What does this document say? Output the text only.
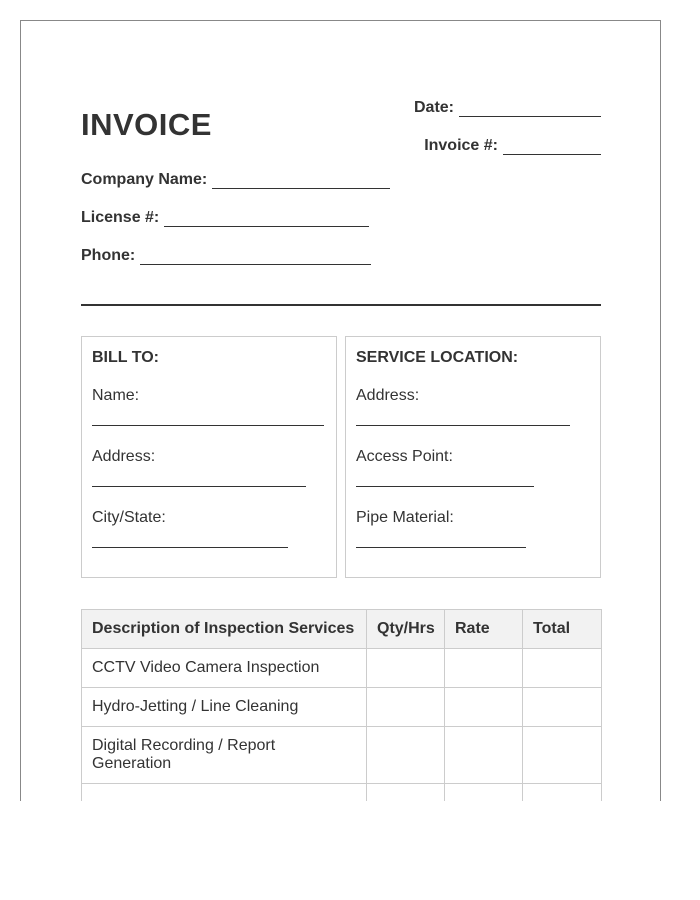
INVOICE	Date:
Invoice #:
Company Name:
License #:
Phone:
BILL TO:
Name:
Address:
City/State:
SERVICE LOCATION:
Address:
Access Point:
Pipe Material:
Description of Inspection Services	Qty/Hrs	Rate	Total
CCTV Video Camera Inspection			
Hydro-Jetting / Line Cleaning			
Digital Recording / Report Generation			
